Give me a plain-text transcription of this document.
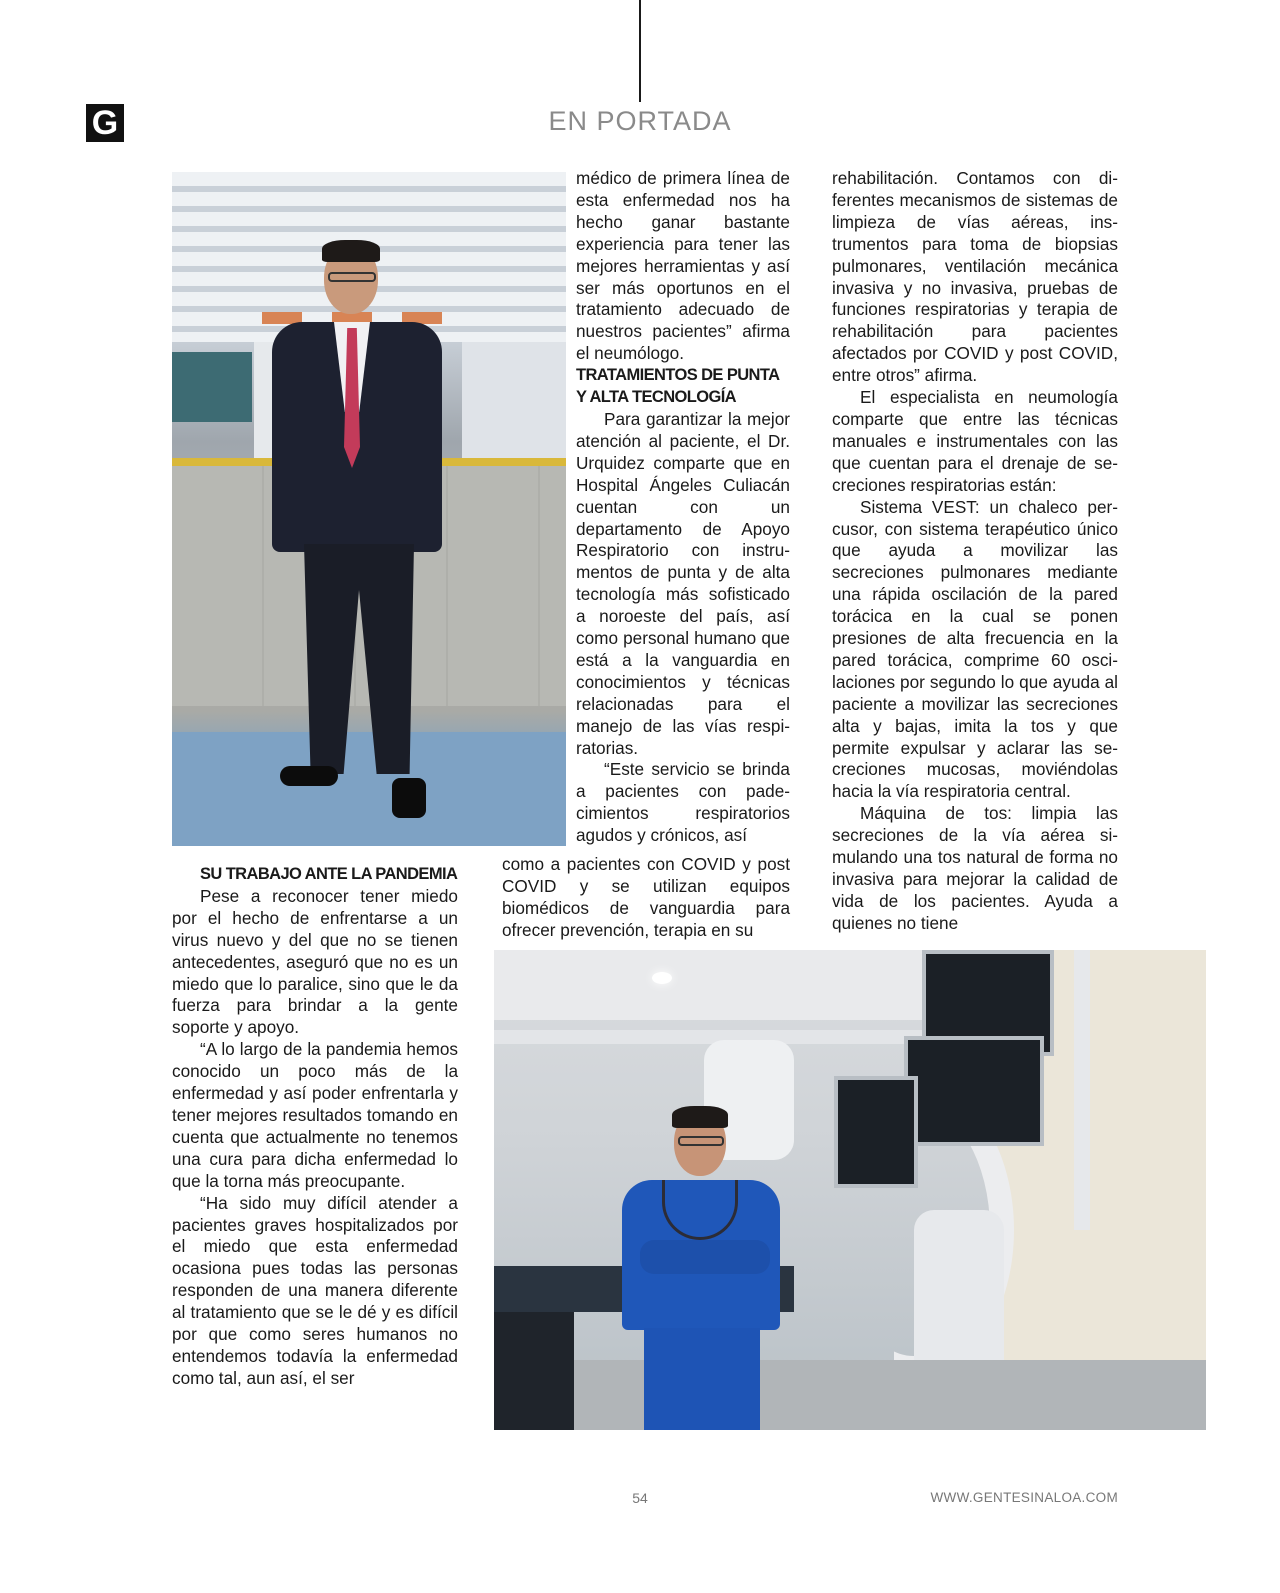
G	EN PORTADA

médico de primera línea de esta enfermedad nos ha hecho ganar bastante experiencia para tener las mejores herramientas y así ser más oportunos en el tratamiento adecuado de nuestros pacientes” afirma el neumólogo.

TRATAMIENTOS DE PUNTA Y ALTA TECNOLOGÍA

Para garantizar la mejor atención al paciente, el Dr. Urquidez comparte que en Hospital Ángeles Culiacán cuentan con un departamento de Apoyo Respiratorio con instrumentos de punta y de alta tecnología más sofisticado a noroeste del país, así como personal humano que está a la vanguardia en conocimientos y técnicas relacionadas para el manejo de las vías respiratorias.

“Este servicio se brinda a pacientes con padecimientos respiratorios agudos y crónicos, así

como a pacientes con COVID y post COVID y se utilizan equipos biomédicos de vanguardia para ofrecer prevención, terapia en su

SU TRABAJO ANTE LA PANDEMIA

Pese a reconocer tener miedo por el hecho de enfrentarse a un virus nuevo y del que no se tienen antecedentes, aseguró que no es un miedo que lo paralice, sino que le da fuerza para brindar a la gente soporte y apoyo.

“A lo largo de la pandemia hemos conocido un poco más de la enfermedad y así poder enfrentarla y tener mejores resultados tomando en cuenta que actualmente no tenemos una cura para dicha enfermedad lo que la torna más preocupante.

“Ha sido muy difícil atender a pacientes graves hospitalizados por el miedo que esta enfermedad ocasiona pues todas las personas responden de una manera diferente al tratamiento que se le dé y es difícil por que como seres humanos no entendemos todavía la enfermedad como tal, aun así, el ser

rehabilitación. Contamos con diferentes mecanismos de sistemas de limpieza de vías aéreas, instrumentos para toma de biopsias pulmonares, ventilación mecánica invasiva y no invasiva, pruebas de funciones respiratorias y terapia de rehabilitación para pacientes afectados por COVID y post COVID, entre otros” afirma.

El especialista en neumología comparte que entre las técnicas manuales e instrumentales con las que cuentan para el drenaje de secreciones respiratorias están:

Sistema VEST: un chaleco percusor, con sistema terapéutico único que ayuda a movilizar las secreciones pulmonares mediante una rápida oscilación de la pared torácica en la cual se ponen presiones de alta frecuencia en la pared torácica, comprime 60 oscilaciones por segundo lo que ayuda al paciente a movilizar las secreciones alta y bajas, imita la tos y que permite expulsar y aclarar las secreciones mucosas, moviéndolas hacia la vía respiratoria central.

Máquina de tos: limpia las secreciones de la vía aérea simulando una tos natural de forma no invasiva para mejorar la calidad de vida de los pacientes. Ayuda a quienes no tiene

54	WWW.GENTESINALOA.COM
